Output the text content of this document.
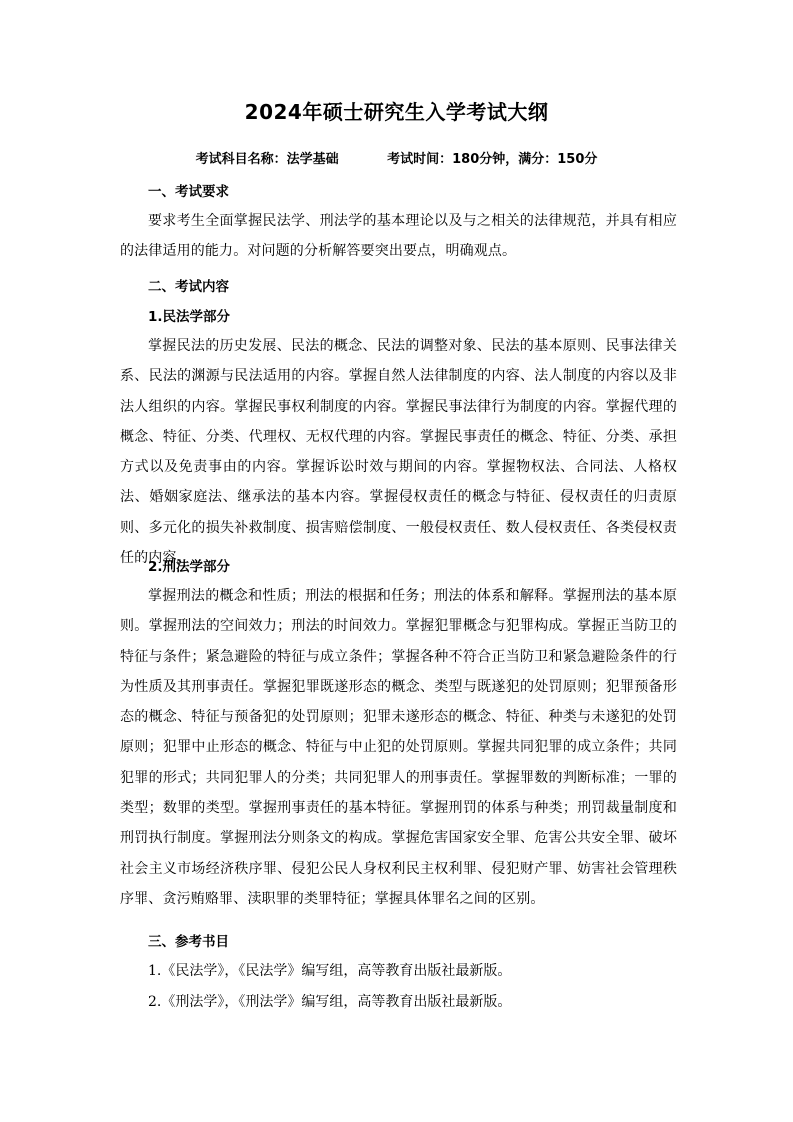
2024年硕士研究生入学考试大纲
考试科目名称：法学基础	考试时间：180分钟，满分：150分
一、考试要求
要求考生全面掌握民法学、刑法学的基本理论以及与之相关的法律规范，并具有相应的法律适用的能力。对问题的分析解答要突出要点，明确观点。
二、考试内容
1.民法学部分
掌握民法的历史发展、民法的概念、民法的调整对象、民法的基本原则、民事法律关系、民法的渊源与民法适用的内容。掌握自然人法律制度的内容、法人制度的内容以及非法人组织的内容。掌握民事权利制度的内容。掌握民事法律行为制度的内容。掌握代理的概念、特征、分类、代理权、无权代理的内容。掌握民事责任的概念、特征、分类、承担方式以及免责事由的内容。掌握诉讼时效与期间的内容。掌握物权法、合同法、人格权法、婚姻家庭法、继承法的基本内容。掌握侵权责任的概念与特征、侵权责任的归责原则、多元化的损失补救制度、损害赔偿制度、一般侵权责任、数人侵权责任、各类侵权责任的内容。
2.刑法学部分
掌握刑法的概念和性质；刑法的根据和任务；刑法的体系和解释。掌握刑法的基本原则。掌握刑法的空间效力；刑法的时间效力。掌握犯罪概念与犯罪构成。掌握正当防卫的特征与条件；紧急避险的特征与成立条件；掌握各种不符合正当防卫和紧急避险条件的行为性质及其刑事责任。掌握犯罪既遂形态的概念、类型与既遂犯的处罚原则；犯罪预备形态的概念、特征与预备犯的处罚原则；犯罪未遂形态的概念、特征、种类与未遂犯的处罚原则；犯罪中止形态的概念、特征与中止犯的处罚原则。掌握共同犯罪的成立条件；共同犯罪的形式；共同犯罪人的分类；共同犯罪人的刑事责任。掌握罪数的判断标准；一罪的类型；数罪的类型。掌握刑事责任的基本特征。掌握刑罚的体系与种类；刑罚裁量制度和刑罚执行制度。掌握刑法分则条文的构成。掌握危害国家安全罪、危害公共安全罪、破坏社会主义市场经济秩序罪、侵犯公民人身权利民主权利罪、侵犯财产罪、妨害社会管理秩序罪、贪污贿赂罪、渎职罪的类罪特征；掌握具体罪名之间的区别。
三、参考书目
1.《民法学》，《民法学》编写组，高等教育出版社最新版。
2.《刑法学》，《刑法学》编写组，高等教育出版社最新版。
